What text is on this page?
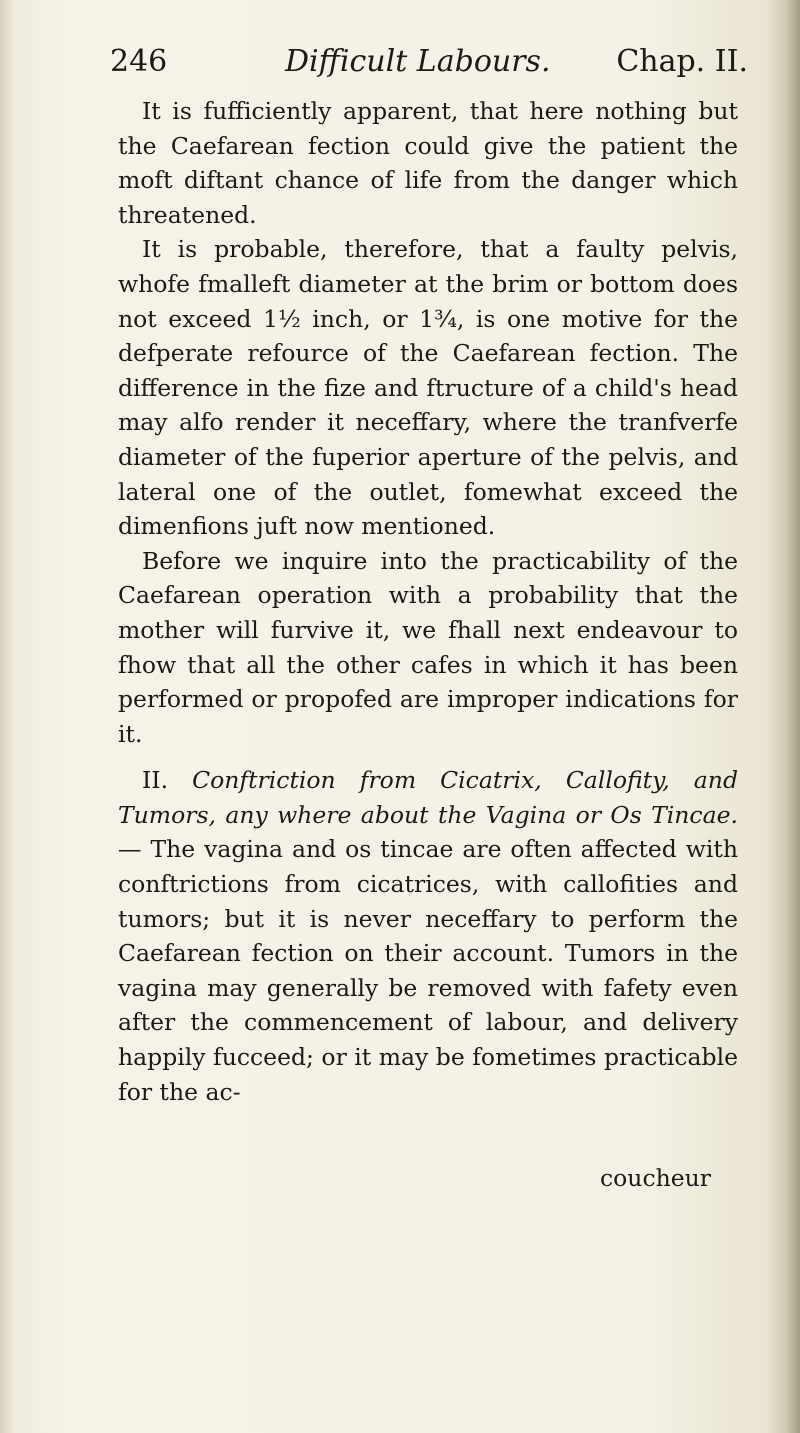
246	Difficult Labours. Chap. II.

It is fufficiently apparent, that here nothing but the Caefarean fection could give the patient the moft diftant chance of life from the danger which threatened.

It is probable, therefore, that a faulty pelvis, whofe fmalleft diameter at the brim or bottom does not exceed 1½ inch, or 1¾, is one motive for the defperate refource of the Caefarean fection. The difference in the fize and ftructure of a child's head may alfo render it neceffary, where the tranfverfe diameter of the fuperior aperture of the pelvis, and lateral one of the outlet, fomewhat exceed the dimenfions juft now mentioned.

Before we inquire into the practicability of the Caefarean operation with a probability that the mother will furvive it, we fhall next endeavour to fhow that all the other cafes in which it has been performed or propofed are improper indications for it.

II. Conftriction from Cicatrix, Callofity, and Tumors, any where about the Vagina or Os Tincae.— The vagina and os tincae are often affected with conftrictions from cicatrices, with callofities and tumors; but it is never neceffary to perform the Caefarean fection on their account. Tumors in the vagina may generally be removed with fafety even after the commencement of labour, and delivery happily fucceed; or it may be fometimes practicable for the ac-

coucheur
